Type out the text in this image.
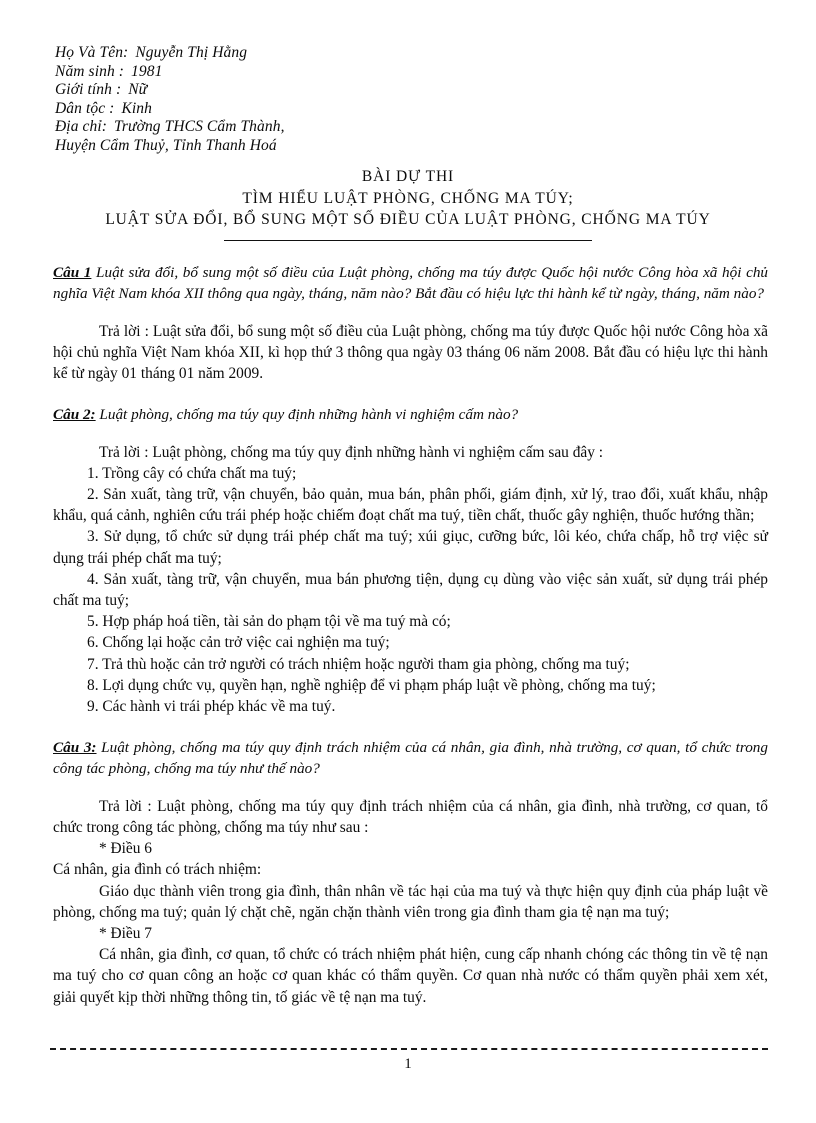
Họ Và Tên: Nguyễn Thị Hằng
Năm sinh : 1981
Giới tính : Nữ
Dân tộc : Kinh
Địa chỉ: Trường THCS Cẩm Thành,
Huyện Cẩm Thuỷ, Tỉnh Thanh Hoá
BÀI DỰ THI
TÌM HIỂU LUẬT PHÒNG, CHỐNG MA TÚY;
LUẬT SỬA ĐỔI, BỔ SUNG MỘT SỐ ĐIỀU CỦA LUẬT PHÒNG, CHỐNG MA TÚY

Câu 1 Luật sửa đổi, bổ sung một số điều của Luật phòng, chống ma túy được Quốc hội nước Công hòa xã hội chủ nghĩa Việt Nam khóa XII thông qua ngày, tháng, năm nào? Bắt đầu có hiệu lực thi hành kể từ ngày, tháng, năm nào?

Trả lời : Luật sửa đổi, bổ sung một số điều của Luật phòng, chống ma túy được Quốc hội nước Công hòa xã hội chủ nghĩa Việt Nam khóa XII, kì họp thứ 3 thông qua ngày 03 tháng 06 năm 2008. Bắt đầu có hiệu lực thi hành kể từ ngày 01 tháng 01 năm 2009.

Câu 2: Luật phòng, chống ma túy quy định những hành vi nghiệm cấm nào?

Trả lời : Luật phòng, chống ma túy quy định những hành vi nghiệm cấm sau đây :

1. Trồng cây có chứa chất ma tuý;

2. Sản xuất, tàng trữ, vận chuyển, bảo quản, mua bán, phân phối, giám định, xử lý, trao đổi, xuất khẩu, nhập khẩu, quá cảnh, nghiên cứu trái phép hoặc chiếm đoạt chất ma tuý, tiền chất, thuốc gây nghiện, thuốc hướng thần;

3. Sử dụng, tổ chức sử dụng trái phép chất ma tuý; xúi giục, cưỡng bức, lôi kéo, chứa chấp, hỗ trợ việc sử dụng trái phép chất ma tuý;

4. Sản xuất, tàng trữ, vận chuyển, mua bán phương tiện, dụng cụ dùng vào việc sản xuất, sử dụng trái phép chất ma tuý;

5. Hợp pháp hoá tiền, tài sản do phạm tội về ma tuý mà có;

6. Chống lại hoặc cản trở việc cai nghiện ma tuý;

7. Trả thù hoặc cản trở người có trách nhiệm hoặc người tham gia phòng, chống ma tuý;

8. Lợi dụng chức vụ, quyền hạn, nghề nghiệp để vi phạm pháp luật về phòng, chống ma tuý;

9. Các hành vi trái phép khác về ma tuý.

Câu 3: Luật phòng, chống ma túy quy định trách nhiệm của cá nhân, gia đình, nhà trường, cơ quan, tổ chức trong công tác phòng, chống ma túy như thế nào?

Trả lời : Luật phòng, chống ma túy quy định trách nhiệm của cá nhân, gia đình, nhà trường, cơ quan, tổ chức trong công tác phòng, chống ma túy như sau :

* Điều 6

Cá nhân, gia đình có trách nhiệm:

Giáo dục thành viên trong gia đình, thân nhân về tác hại của ma tuý và thực hiện quy định của pháp luật về phòng, chống ma tuý; quản lý chặt chẽ, ngăn chặn thành viên trong gia đình tham gia tệ nạn ma tuý;

* Điều 7

Cá nhân, gia đình, cơ quan, tổ chức có trách nhiệm phát hiện, cung cấp nhanh chóng các thông tin về tệ nạn ma tuý cho cơ quan công an hoặc cơ quan khác có thẩm quyền. Cơ quan nhà nước có thẩm quyền phải xem xét, giải quyết kịp thời những thông tin, tố giác về tệ nạn ma tuý.

1
